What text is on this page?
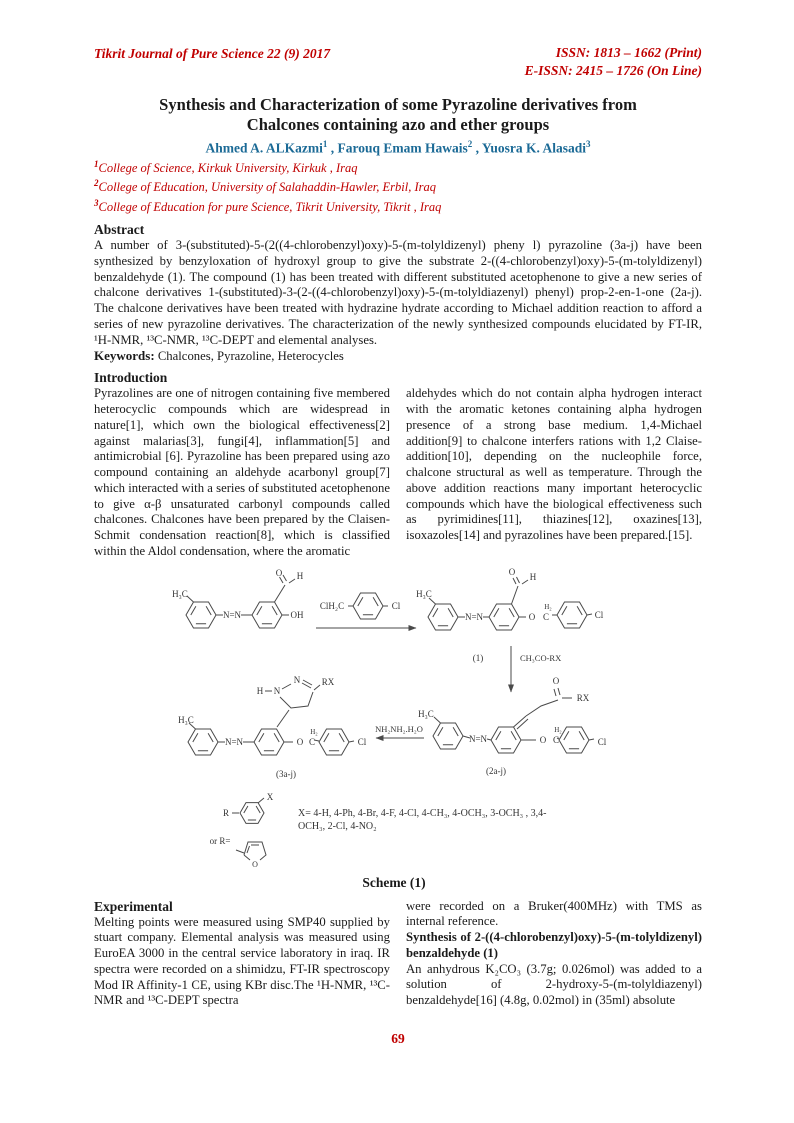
Tikrit Journal of Pure Science 22 (9) 2017	ISSN: 1813 – 1662 (Print)
E-ISSN: 2415 – 1726 (On Line)
Synthesis and Characterization of some Pyrazoline derivatives from
Chalcones containing azo and ether groups
Ahmed A. ALKazmi$^1$ , Farouq Emam Hawais$^2$ , Yuosra K. Alasadi$^3$
$^1$College of Science, Kirkuk University, Kirkuk , Iraq
$^2$College of Education, University of Salahaddin-Hawler, Erbil, Iraq
$^3$College of Education for pure Science, Tikrit University, Tikrit , Iraq
Abstract
A number of 3-(substituted)-5-(2((4-chlorobenzyl)oxy)-5-(m-tolyldizenyl) pheny l) pyrazoline (3a-j) have been synthesized by benzyloxation of hydroxyl group to give the substrate 2-((4-chlorobenzyl)oxy)-5-(m-tolyldizenyl) benzaldehyde (1). The compound (1) has been treated with different substituted acetophenone to give a new series of chalcone derivatives 1-(substituted)-3-(2-((4-chlorobenzyl)oxy)-5-(m-tolyldiazenyl) phenyl) prop-2-en-1-one (2a-j). The chalcone derivatives have been treated with hydrazine hydrate according to Michael addition reaction to afford a series of new pyrazoline derivatives. The characterization of the newly synthesized compounds elucidated by FT-IR, ¹H-NMR, ¹³C-NMR, ¹³C-DEPT and elemental analyses.
Keywords: Chalcones, Pyrazoline, Heterocycles
Introduction
Pyrazolines are one of nitrogen containing five membered heterocyclic compounds which are widespread in nature[1], which own the biological effectiveness[2] against malarias[3], fungi[4], inflammation[5] and antimicrobial [6]. Pyrazoline has been prepared using azo compound containing an aldehyde acarbonyl group[7] which interacted with a series of substituted acetophenone to give α-β unsaturated carbonyl compounds called chalcones. Chalcones have been prepared by the Claisen-Schmit condensation reaction[8], which is classified within the Aldol condensation, where the aromatic
aldehydes which do not contain alpha hydrogen interact with the aromatic ketones containing alpha hydrogen presence of a strong base medium. 1,4-Michael addition[9] to chalcone interfers rations with 1,2 Claise-addition[10], depending on the nucleophile force, chalcone structural as well as temperature. Through the above addition reactions many important heterocyclic compounds which have the biological effectiveness such as pyrimidines[11], thiazines[12], oxazines[13], isoxazoles[14] and pyrazolines have been prepared.[15].
H₃C
N=N
O H
OH
ClH₂C	Cl
H₃C
N=N
O H
O C
H₂
Cl
(1)	CH₃CO-RX
H₃C
N=N
O
RX
O C
H₂
Cl
(2a-j)
NH₂NH₂.H₂O
H N
N RX
H₃C
N=N	O C
H₂
Cl
(3a-j)
R
X
X= 4-H, 4-Ph, 4-Br, 4-F, 4-Cl, 4-CH₃, 4-OCH₃, 3-OCH₃ , 3,4-
OCH₃, 2-Cl, 4-NO₂
or R=
O
Scheme (1)
Experimental
Melting points were measured using SMP40 supplied by stuart company. Elemental analysis was measured using EuroEA 3000 in the central service laboratory in iraq. IR spectra were recorded on a shimidzu, FT-IR spectroscopy Mod IR Affinity-1 CE, using KBr disc.The ¹H-NMR, ¹³C-NMR and ¹³C-DEPT spectra
were recorded on a Bruker(400MHz) with TMS as internal reference.
Synthesis of 2-((4-chlorobenzyl)oxy)-5-(m-tolyldizenyl) benzaldehyde (1)
An anhydrous K₂CO₃ (3.7g; 0.026mol) was added to a solution of 2-hydroxy-5-(m-tolyldiazenyl) benzaldehyde[16] (4.8g, 0.02mol) in (35ml) absolute
69
